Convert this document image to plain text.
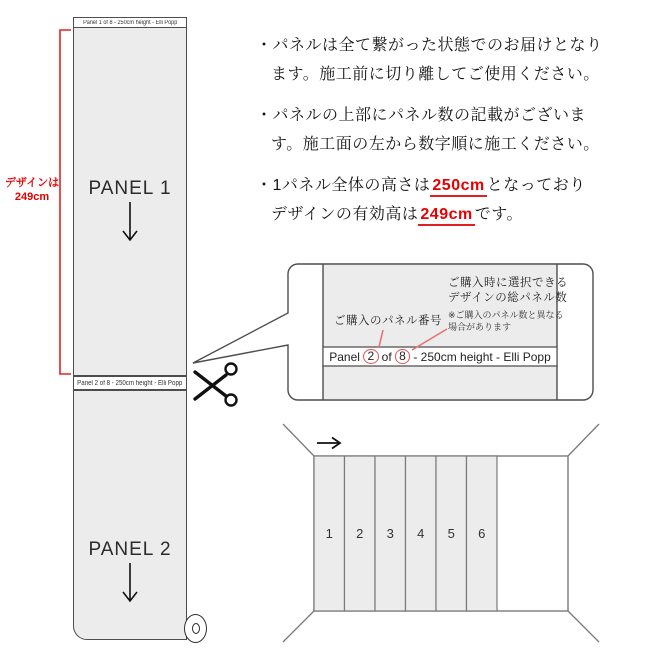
1 2 3 4 5 6
Panel 1 of 8 - 250cm height - Elli Popp
PANEL 1
デザインは
249cm
Panel 2 of 8 - 250cm height - Elli Popp
PANEL 2

・パネルは全て繋がった状態でのお届けとなり
ます。施工前に切り離してご使用ください。

・パネルの上部にパネル数の記載がございま
す。施工面の左から数字順に施工ください。

・1パネル全体の高さは 250cm となっており
デザインの有効高は 249cm です。

ご購入のパネル番号
ご購入時に選択できる
デザインの総パネル数
※ご購入のパネル数と異なる
場合があります
Panel 2 of 8 - 250cm height - Elli Popp
